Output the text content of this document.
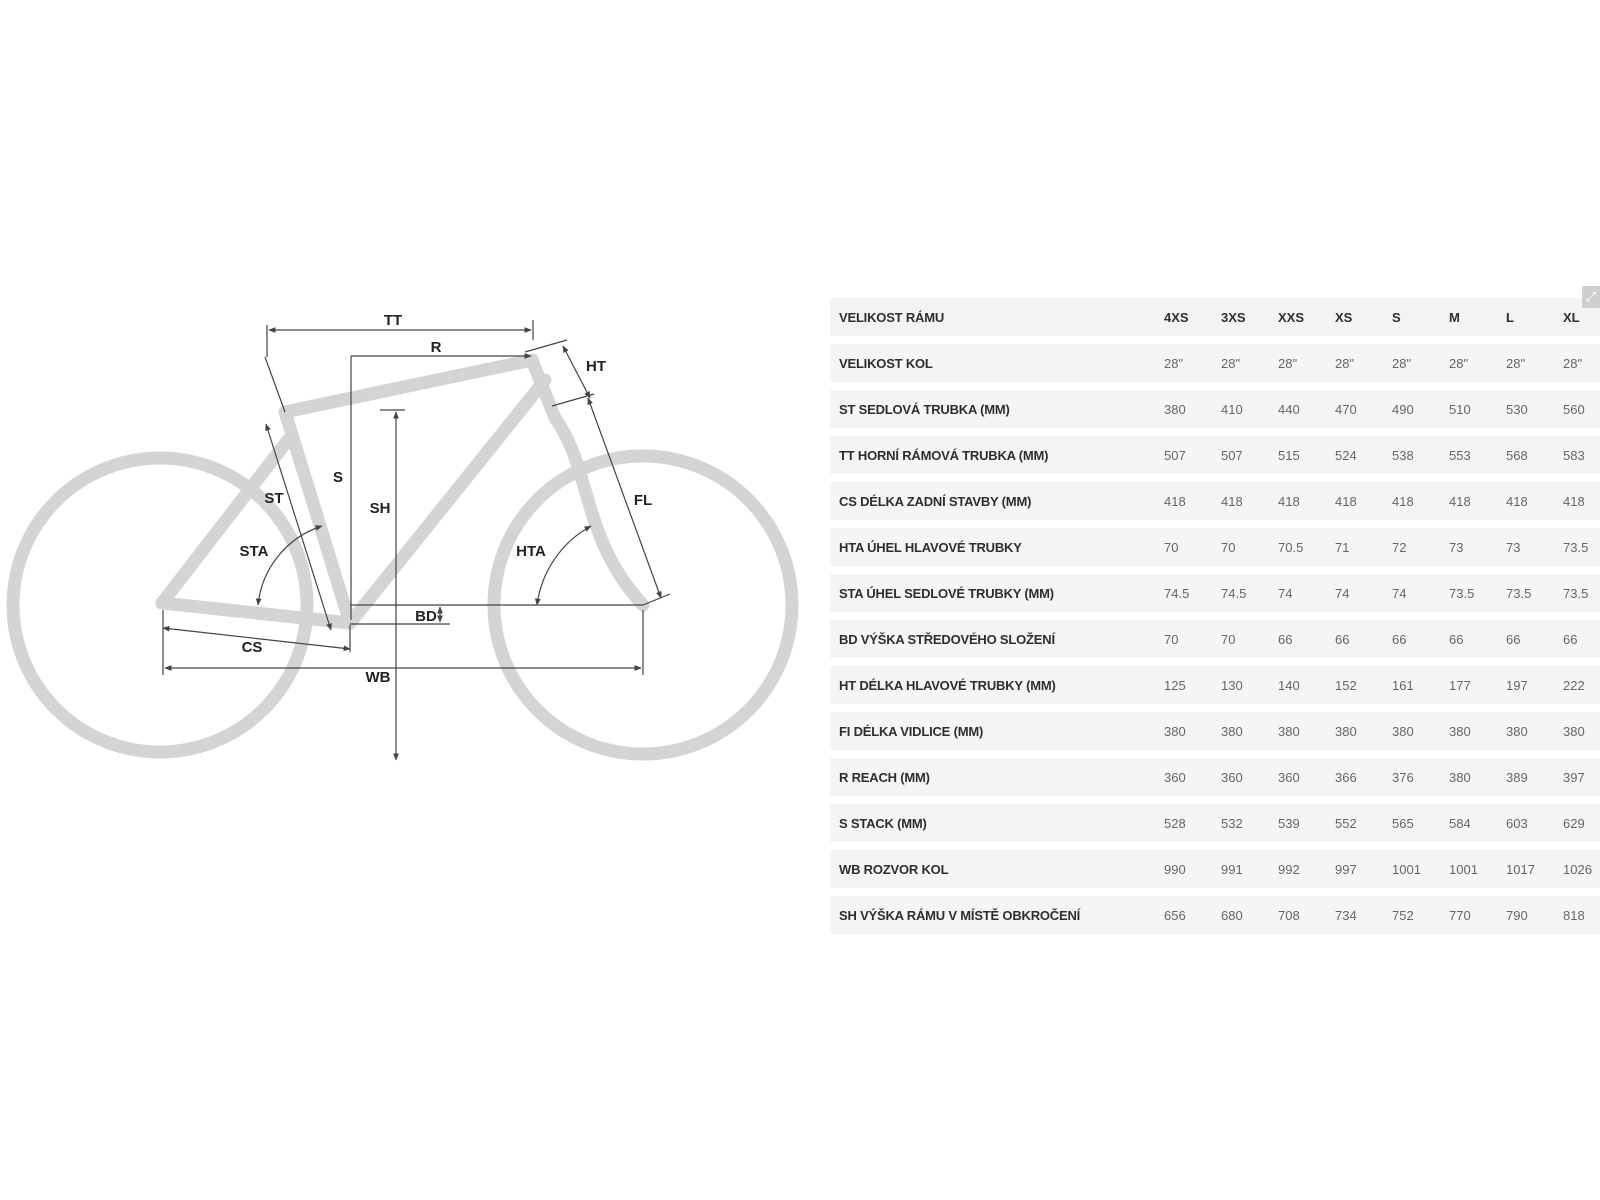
TT
R
HT
S
SH
ST
STA	HTA
FL
BD
CS
WB
VELIKOST RÁMU	4XS	3XS	XXS	XS	S	M	L	XL
VELIKOST KOL	28"	28"	28"	28"	28"	28"	28"	28"
ST SEDLOVÁ TRUBKA (MM)	380	410	440	470	490	510	530	560
TT HORNÍ RÁMOVÁ TRUBKA (MM)	507	507	515	524	538	553	568	583
CS DÉLKA ZADNÍ STAVBY (MM)	418	418	418	418	418	418	418	418
HTA ÚHEL HLAVOVÉ TRUBKY	70	70	70.5	71	72	73	73	73.5
STA ÚHEL SEDLOVÉ TRUBKY (MM)	74.5	74.5	74	74	74	73.5	73.5	73.5
BD VÝŠKA STŘEDOVÉHO SLOŽENÍ	70	70	66	66	66	66	66	66
HT DÉLKA HLAVOVÉ TRUBKY (MM)	125	130	140	152	161	177	197	222
FI DÉLKA VIDLICE (MM)	380	380	380	380	380	380	380	380
R REACH (MM)	360	360	360	366	376	380	389	397
S STACK (MM)	528	532	539	552	565	584	603	629
WB ROZVOR KOL	990	991	992	997	1001	1001	1017	1026
SH VÝŠKA RÁMU V MÍSTĚ OBKROČENÍ	656	680	708	734	752	770	790	818
⤢
